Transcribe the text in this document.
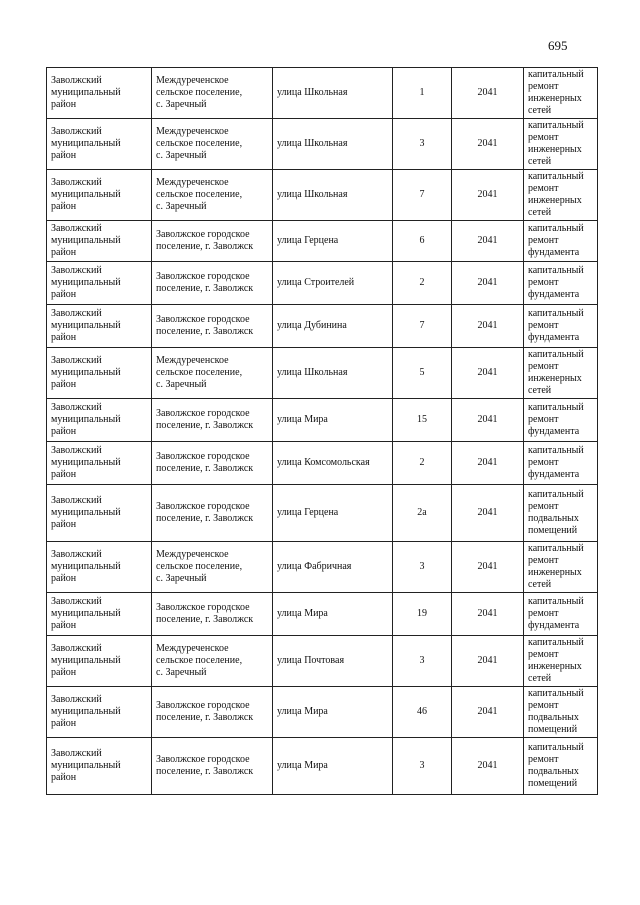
695
Заволжский
муниципальный
район	Междуреченское
сельское поселение,
с. Заречный	улица Школьная	1	2041	капитальный
ремонт
инженерных
сетей

Заволжский
муниципальный
район	Междуреченское
сельское поселение,
с. Заречный	улица Школьная	3	2041	капитальный
ремонт
инженерных
сетей

Заволжский
муниципальный
район	Междуреченское
сельское поселение,
с. Заречный	улица Школьная	7	2041	капитальный
ремонт
инженерных
сетей

Заволжский
муниципальный
район	Заволжское городское
поселение, г. Заволжск	улица Герцена	6	2041	капитальный
ремонт
фундамента

Заволжский
муниципальный
район	Заволжское городское
поселение, г. Заволжск	улица Строителей	2	2041	капитальный
ремонт
фундамента

Заволжский
муниципальный
район	Заволжское городское
поселение, г. Заволжск	улица Дубинина	7	2041	капитальный
ремонт
фундамента

Заволжский
муниципальный
район	Междуреченское
сельское поселение,
с. Заречный	улица Школьная	5	2041	капитальный
ремонт
инженерных
сетей

Заволжский
муниципальный
район	Заволжское городское
поселение, г. Заволжск	улица Мира	15	2041	капитальный
ремонт
фундамента

Заволжский
муниципальный
район	Заволжское городское
поселение, г. Заволжск	улица Комсомольская	2	2041	капитальный
ремонт
фундамента

Заволжский
муниципальный
район	Заволжское городское
поселение, г. Заволжск	улица Герцена	2а	2041	капитальный
ремонт
подвальных
помещений

Заволжский
муниципальный
район	Междуреченское
сельское поселение,
с. Заречный	улица Фабричная	3	2041	капитальный
ремонт
инженерных
сетей

Заволжский
муниципальный
район	Заволжское городское
поселение, г. Заволжск	улица Мира	19	2041	капитальный
ремонт
фундамента

Заволжский
муниципальный
район	Междуреченское
сельское поселение,
с. Заречный	улица Почтовая	3	2041	капитальный
ремонт
инженерных
сетей

Заволжский
муниципальный
район	Заволжское городское
поселение, г. Заволжск	улица Мира	46	2041	капитальный
ремонт
подвальных
помещений

Заволжский
муниципальный
район	Заволжское городское
поселение, г. Заволжск	улица Мира	3	2041	капитальный
ремонт
подвальных
помещений
